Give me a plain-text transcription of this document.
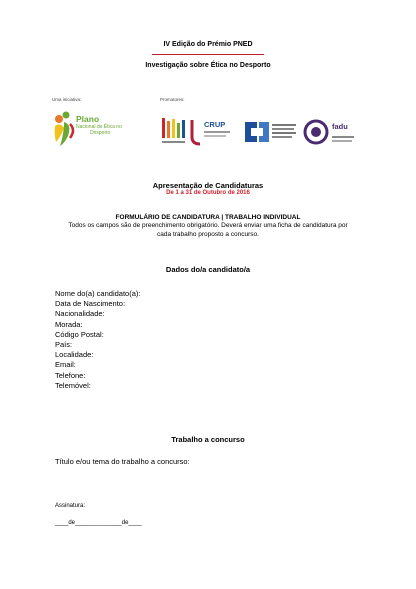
IV Edição do Prémio PNED
Investigação sobre Ética no Desporto
Uma iniciativa:	Promotores:
Plano
Nacional de Ética no
Desporto
CRUP	fadu
Apresentação de Candidaturas
De 1 a 31 de Outubro de 2016
FORMULÁRIO DE CANDIDATURA | TRABALHO INDIVIDUAL
Todos os campos são de preenchimento obrigatório. Deverá enviar uma ficha de candidatura por
cada trabalho proposto a concurso.
Dados do/a candidato/a
Nome do(a) candidato(a):
Data de Nascimento:
Nacionalidade:
Morada:
Código Postal:
País:
Localidade:
Email:
Telefone:
Telemóvel:
Trabalho a concurso
Título e/ou tema do trabalho a concurso:
Assinatura:
____de______________de____
